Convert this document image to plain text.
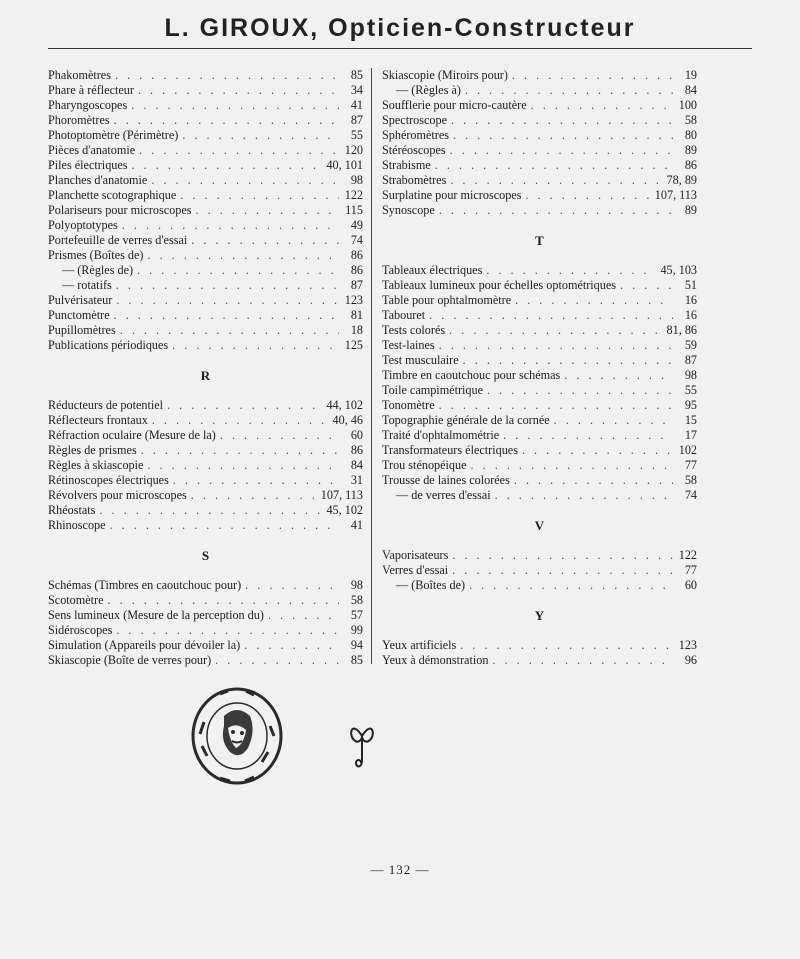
L. GIROUX, Opticien-Constructeur
Phakomètres . . .	85
Phare à réflecteur . . .	34
Pharyngoscopes . . .	41
Phoromètres . . .	87
Photoptomètre (Périmètre) . . .	55
Pièces d'anatomie . . .	120
Piles électriques . . .	40, 101
Planches d'anatomie . . .	98
Planchette scotographique . . .	122
Polariseurs pour microscopes . . .	115
Polyoptotypes . . .	49
Portefeuille de verres d'essai . . .	74
Prismes (Boîtes de) . . .	86
— (Règles de) . . .	86
— rotatifs . . .	87
Pulvérisateur . . .	123
Punctomètre . . .	81
Pupillomètres . . .	18
Publications périodiques . . .	125
R
Réducteurs de potentiel . . .	44, 102
Réflecteurs frontaux . . .	40, 46
Réfraction oculaire (Mesure de la) . . .	60
Règles de prismes . . .	86
Règles à skiascopie . . .	84
Rétinoscopes électriques . . .	31
Révolvers pour microscopes . . .	107, 113
Rhéostats . . .	45, 102
Rhinoscope . . .	41
S
Schémas (Timbres en caoutchouc pour) . . .	98
Scotomètre . . .	58
Sens lumineux (Mesure de la perception du) . . .	57
Sidéroscopes . . .	99
Simulation (Appareils pour dévoiler la) . . .	94
Skiascopie (Boîte de verres pour) . . .	85
Skiascopie (Miroirs pour) . . .	19
— (Règles à) . . .	84
Soufflerie pour micro-cautère . . .	100
Spectroscope . . .	58
Sphéromètres . . .	80
Stéréoscopes . . .	89
Strabisme . . .	86
Strabomètres . . .	78, 89
Surplatine pour microscopes . . .	107, 113
Synoscope . . .	89
T
Tableaux électriques . . .	45, 103
Tableaux lumineux pour échelles optométriques . . .	51
Table pour ophtalmomètre . . .	16
Tabouret . . .	16
Tests colorés . . .	81, 86
Test-laines . . .	59
Test musculaire . . .	87
Timbre en caoutchouc pour schémas . . .	98
Toile campimétrique . . .	55
Tonomètre . . .	95
Topographie générale de la cornée . . .	15
Traité d'ophtalmométrie . . .	17
Transformateurs électriques . . .	102
Trou sténopéique . . .	77
Trousse de laines colorées . . .	58
— de verres d'essai . . .	74
V
Vaporisateurs . . .	122
Verres d'essai . . .	77
— (Boîtes de) . . .	60
Y
Yeux artificiels . . .	123
Yeux à démonstration . . .	96
— 132 —
